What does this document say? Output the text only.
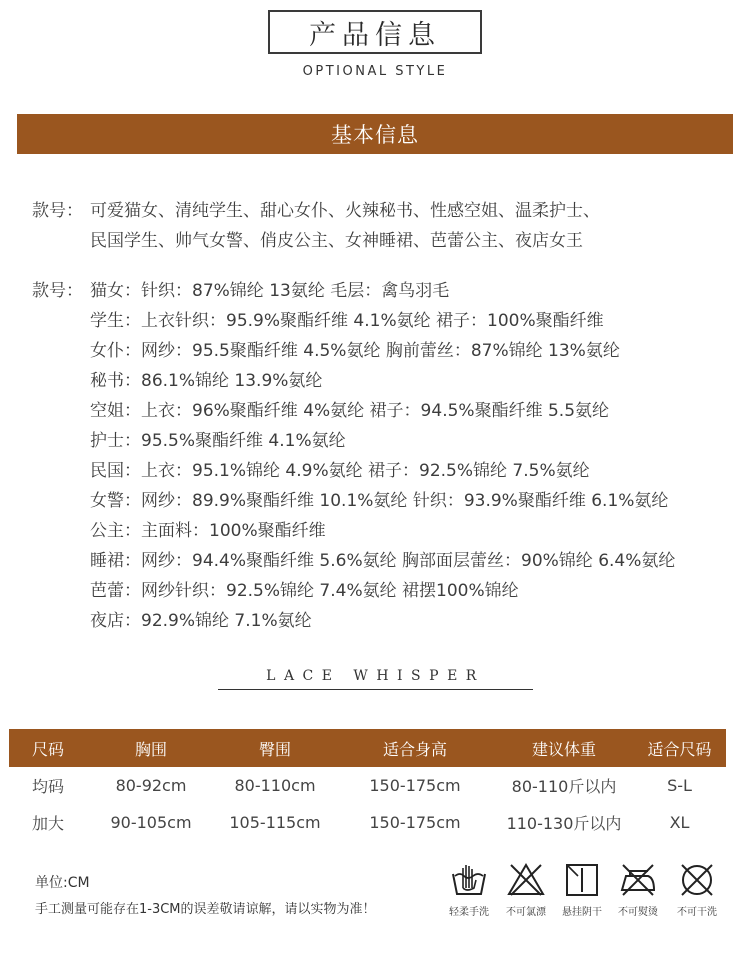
产品信息
OPTIONAL STYLE
基本信息
款号： 可爱猫女、清纯学生、甜心女仆、火辣秘书、性感空姐、温柔护士、
民国学生、帅气女警、俏皮公主、女神睡裙、芭蕾公主、夜店女王
款号： 猫女：针织：87%锦纶 13氨纶 毛层：禽鸟羽毛
学生：上衣针织：95.9%聚酯纤维 4.1%氨纶 裙子：100%聚酯纤维
女仆：网纱：95.5聚酯纤维 4.5%氨纶 胸前蕾丝：87%锦纶 13%氨纶
秘书：86.1%锦纶 13.9%氨纶
空姐：上衣：96%聚酯纤维 4%氨纶 裙子：94.5%聚酯纤维 5.5氨纶
护士：95.5%聚酯纤维 4.1%氨纶
民国：上衣：95.1%锦纶 4.9%氨纶 裙子：92.5%锦纶 7.5%氨纶
女警：网纱：89.9%聚酯纤维 10.1%氨纶 针织：93.9%聚酯纤维 6.1%氨纶
公主：主面料：100%聚酯纤维
睡裙：网纱：94.4%聚酯纤维 5.6%氨纶 胸部面层蕾丝：90%锦纶 6.4%氨纶
芭蕾：网纱针织：92.5%锦纶 7.4%氨纶 裙摆100%锦纶
夜店：92.9%锦纶 7.1%氨纶
LACE WHISPER
尺码	胸围	臀围	适合身高	建议体重	适合尺码
均码	80-92cm	80-110cm	150-175cm	80-110斤以内	S-L
加大	90-105cm	105-115cm	150-175cm	110-130斤以内	XL
单位:CM
手工测量可能存在1-3CM的误差敬请谅解，请以实物为准！	轻柔手洗	不可氯漂	悬挂阴干	不可熨烫	不可干洗
